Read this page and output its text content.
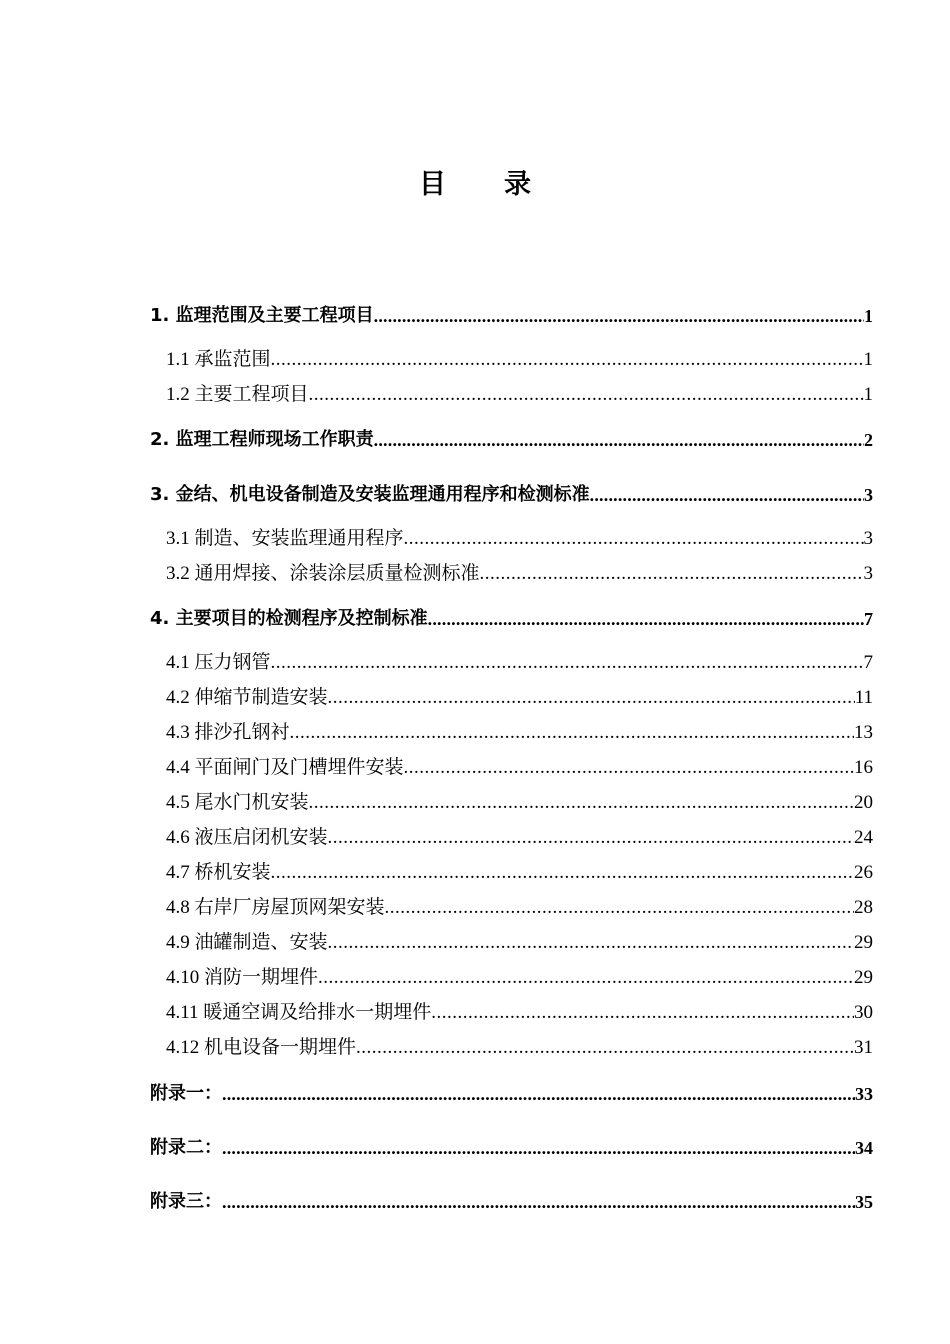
目 录
1. 监理范围及主要工程项目 .....	1
1.1 承监范围 .....	1
1.2 主要工程项目 .....	1
2. 监理工程师现场工作职责 .....	2
3. 金结、机电设备制造及安装监理通用程序和检测标准 .....	3
3.1 制造、安装监理通用程序 .....	3
3.2 通用焊接、涂装涂层质量检测标准 .....	3
4. 主要项目的检测程序及控制标准 .....	7
4.1 压力钢管 .....	7
4.2 伸缩节制造安装 .....	11
4.3 排沙孔钢衬 .....	13
4.4 平面闸门及门槽埋件安装 .....	16
4.5 尾水门机安装 .....	20
4.6 液压启闭机安装 .....	24
4.7 桥机安装 .....	26
4.8 右岸厂房屋顶网架安装 .....	28
4.9 油罐制造、安装 .....	29
4.10 消防一期埋件 .....	29
4.11 暖通空调及给排水一期埋件 .....	30
4.12 机电设备一期埋件 .....	31
附录一： .....	33
附录二： .....	34
附录三： .....	35
